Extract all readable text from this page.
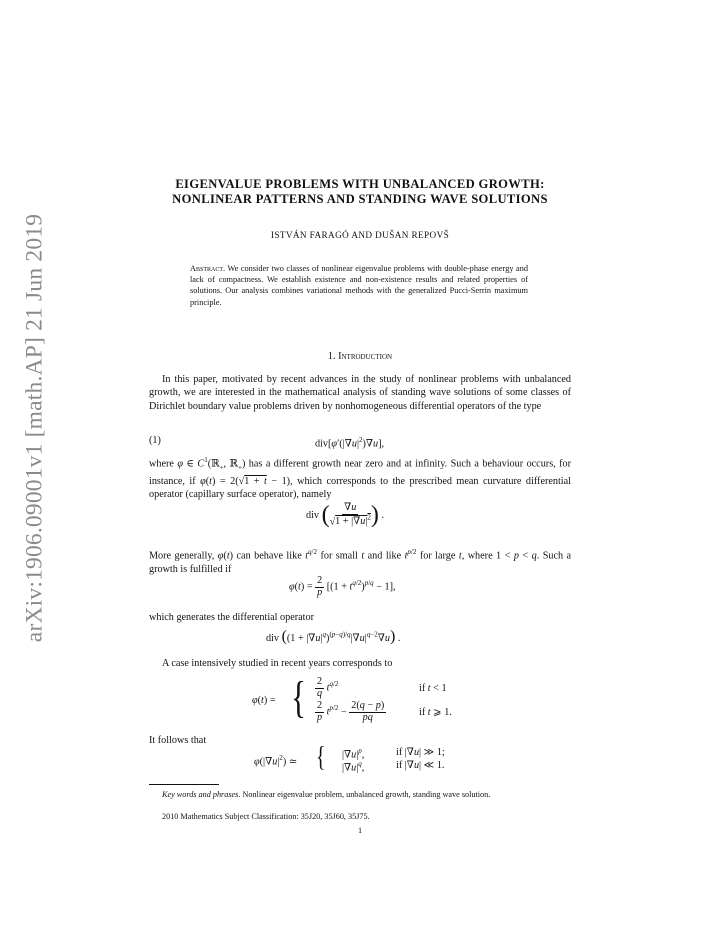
arXiv:1906.09001v1 [math.AP] 21 Jun 2019
EIGENVALUE PROBLEMS WITH UNBALANCED GROWTH:
NONLINEAR PATTERNS AND STANDING WAVE SOLUTIONS
ISTVÁN FARAGÓ AND DUŠAN REPOVŠ
Abstract. We consider two classes of nonlinear eigenvalue problems with double-phase energy and lack of compactness. We establish existence and non-existence results and related properties of solutions. Our analysis combines variational methods with the generalized Pucci-Serrin maximum principle.
1. Introduction
In this paper, motivated by recent advances in the study of nonlinear problems with unbalanced growth, we are interested in the mathematical analysis of standing wave solutions of some classes of Dirichlet boundary value problems driven by nonhomogeneous differential operators of the type
(1)	$div[\varphi'(|\nabla u|^2)\nabla u]$,
where φ ∈ $C^1(ℝ_+$, ℝ$_+$) has a different growth near zero and at infinity. Such a behaviour occurs, for instance, if φ(t) = 2(√1 + t − 1), which corresponds to the prescribed mean curvature differential operator (capillary surface operator), namely
div ( $\frac{\nabla u}{√1 + |\nabla u|^2}$ ) .
More generally, φ(t) can behave like $t^{q/2}$ for small t and like $t^{p/2}$ for large t, where 1 < p < q. Such a growth is fulfilled if
$\varphi(t) = \frac{2}{p} [(1 + t^{q/2})^{p/q} - 1]$,
which generates the differential operator
div $((1 + |\nabla u|^q)^{(p-q)/q}|\nabla u|^{q-2}\nabla u)$ .
A case intensively studied in recent years corresponds to
φ(t) = { $\frac{2}{q} t^{q/2}$	if t < 1
$\frac{2}{p} t^{p/2} - \frac{2(q - p)}{pq}$	if t ⩾ 1.
It follows that
$\varphi(|\nabla u|^2)$ ≃ { $|\nabla u|^p$,	if |∇u| ≫ 1;
$|\nabla u|^q$,	if |∇u| ≪ 1.
Key words and phrases. Nonlinear eigenvalue problem, unbalanced growth, standing wave solution.
2010 Mathematics Subject Classification: 35J20, 35J60, 35J75.
1
